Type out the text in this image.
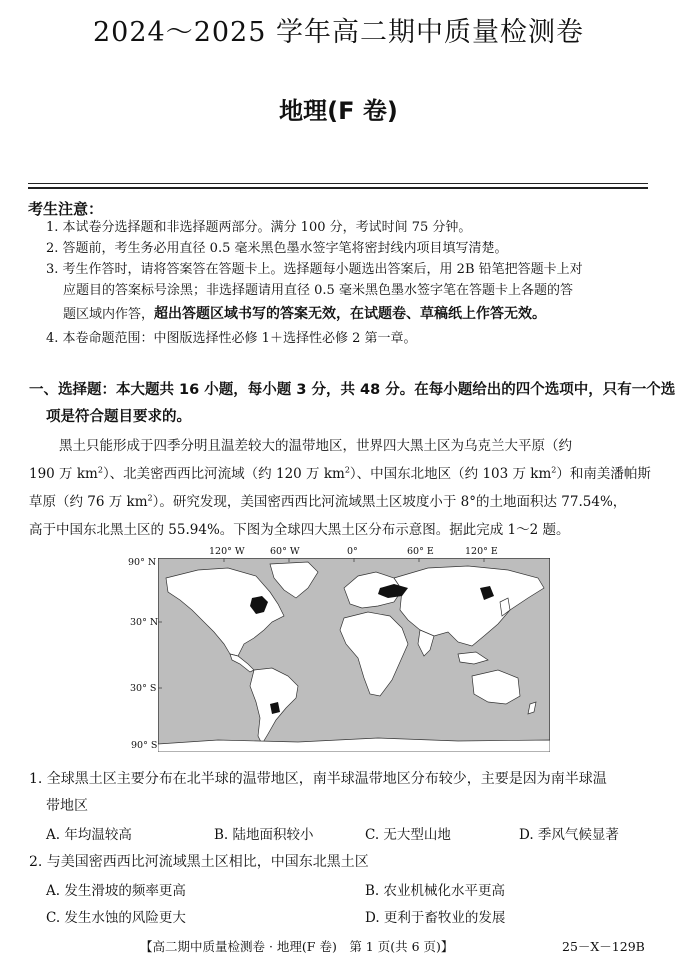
2024～2025 学年高二期中质量检测卷
地理(F 卷)
考生注意：
1. 本试卷分选择题和非选择题两部分。满分 100 分，考试时间 75 分钟。
2. 答题前，考生务必用直径 0.5 毫米黑色墨水签字笔将密封线内项目填写清楚。
3. 考生作答时，请将答案答在答题卡上。选择题每小题选出答案后，用 2B 铅笔把答题卡上对
应题目的答案标号涂黑；非选择题请用直径 0.5 毫米黑色墨水签字笔在答题卡上各题的答
题区域内作答，超出答题区域书写的答案无效，在试题卷、草稿纸上作答无效。
4. 本卷命题范围：中图版选择性必修 1＋选择性必修 2 第一章。
一、选择题：本大题共 16 小题，每小题 3 分，共 48 分。在每小题给出的四个选项中，只有一个选
项是符合题目要求的。
黑土只能形成于四季分明且温差较大的温带地区，世界四大黑土区为乌克兰大平原（约
190 万 $km^2$）、北美密西西比河流域（约 120 万 $km^2$）、中国东北地区（约 103 万 $km^2$）和南美潘帕斯
草原（约 76 万 $km^2$）。研究发现，美国密西西比河流域黑土区坡度小于 8°的土地面积达 77.54%，
高于中国东北黑土区的 55.94%。下图为全球四大黑土区分布示意图。据此完成 1～2 题。
120° W	60° W	0°	60° E	120° E
90° N
30° N
30° S
90° S
1. 全球黑土区主要分布在北半球的温带地区，南半球温带地区分布较少，主要是因为南半球温
带地区
A. 年均温较高	B. 陆地面积较小	C. 无大型山地	D. 季风气候显著
2. 与美国密西西比河流域黑土区相比，中国东北黑土区
A. 发生滑坡的频率更高	B. 农业机械化水平更高
C. 发生水蚀的风险更大	D. 更利于畜牧业的发展
【高二期中质量检测卷 · 地理(F 卷)　第 1 页(共 6 页)】	25－X－129B
